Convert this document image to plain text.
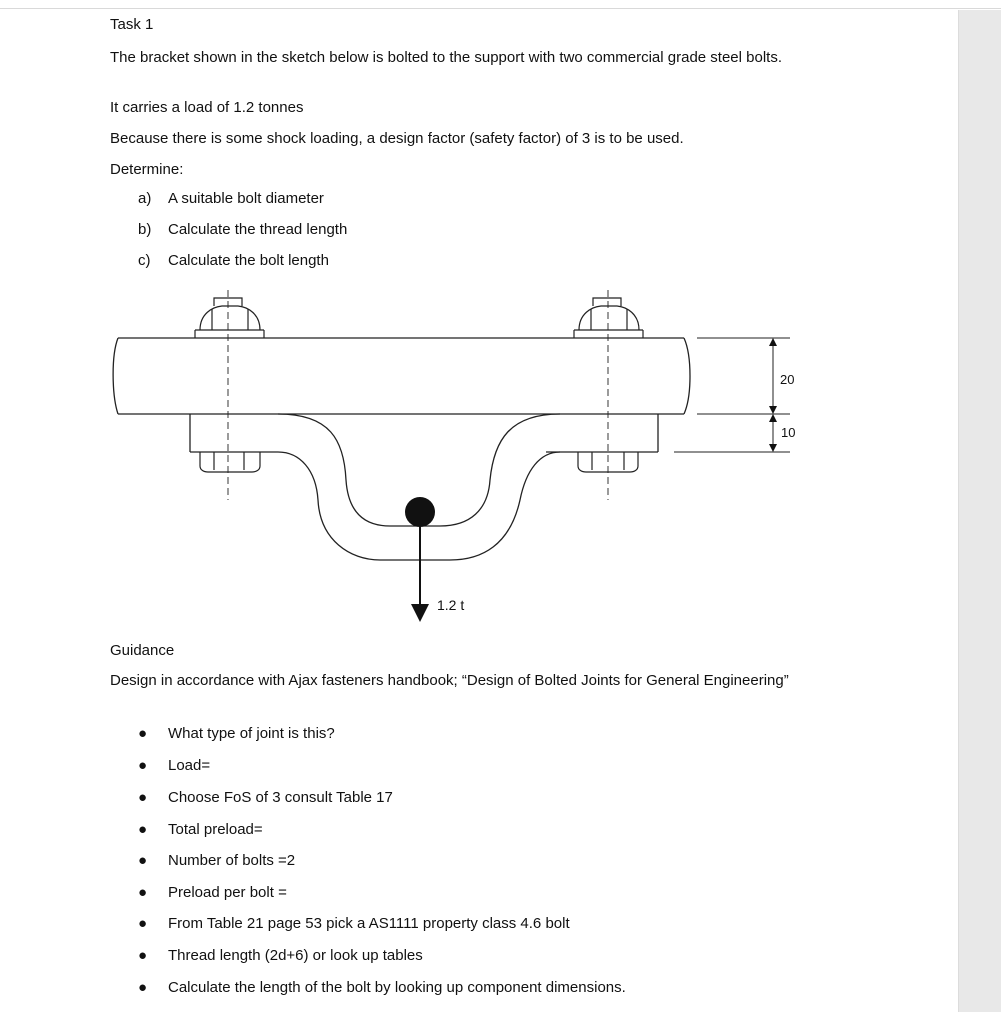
Task 1
The bracket shown in the sketch below is bolted to the support with two commercial grade steel bolts.
It carries a load of 1.2 tonnes
Because there is some shock loading, a design factor (safety factor) of 3 is to be used.
Determine:
a) A suitable bolt diameter
b) Calculate the thread length
c) Calculate the bolt length
Guidance
Design in accordance with Ajax fasteners handbook; “Design of Bolted Joints for General Engineering”
● What type of joint is this?
● Load=
● Choose FoS of 3 consult Table 17
● Total preload=
● Number of bolts =2
● Preload per bolt =
● From Table 21 page 53 pick a AS1111 property class 4.6 bolt
● Thread length (2d+6) or look up tables
● Calculate the length of the bolt by looking up component dimensions.
1.2 t
20
10
